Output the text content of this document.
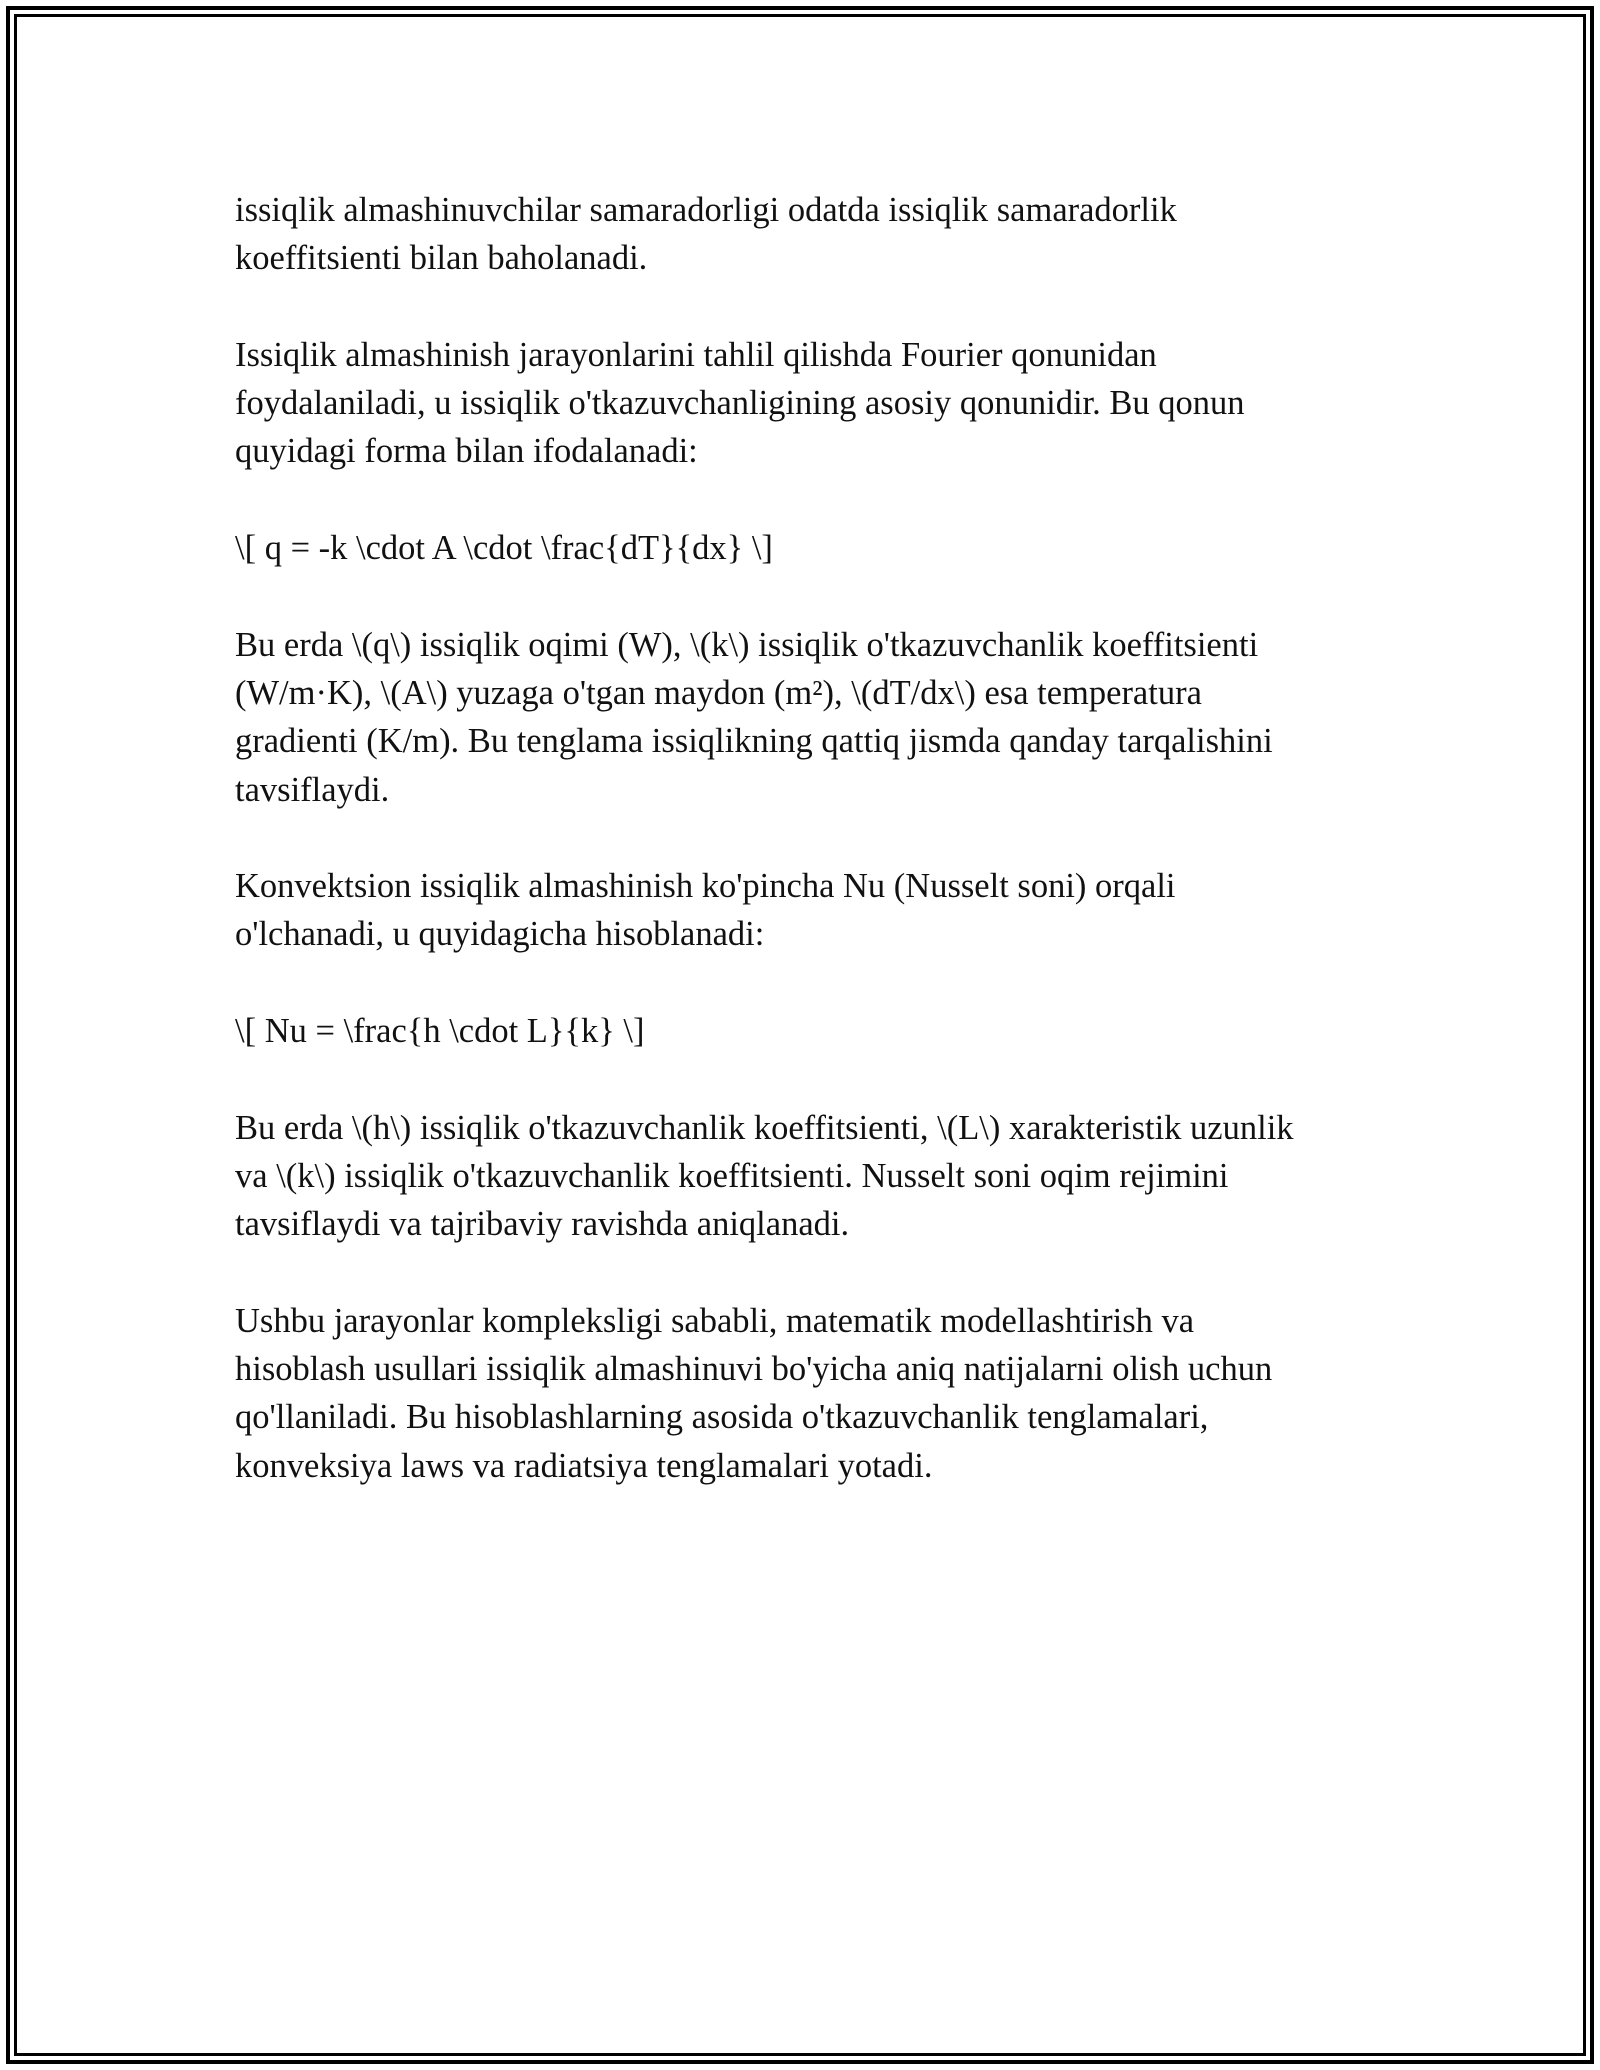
issiqlik almashinuvchilar samaradorligi odatda issiqlik samaradorlik
koeffitsienti bilan baholanadi.

Issiqlik almashinish jarayonlarini tahlil qilishda Fourier qonunidan
foydalaniladi, u issiqlik o'tkazuvchanligining asosiy qonunidir. Bu qonun
quyidagi forma bilan ifodalanadi:

\[ q = -k \cdot A \cdot \frac{dT}{dx} \]

Bu erda \(q\) issiqlik oqimi (W), \(k\) issiqlik o'tkazuvchanlik koeffitsienti
(W/m·K), \(A\) yuzaga o'tgan maydon (m²), \(dT/dx\) esa temperatura
gradienti (K/m). Bu tenglama issiqlikning qattiq jismda qanday tarqalishini
tavsiflaydi.

Konvektsion issiqlik almashinish ko'pincha Nu (Nusselt soni) orqali
o'lchanadi, u quyidagicha hisoblanadi:

\[ Nu = \frac{h \cdot L}{k} \]

Bu erda \(h\) issiqlik o'tkazuvchanlik koeffitsienti, \(L\) xarakteristik uzunlik
va \(k\) issiqlik o'tkazuvchanlik koeffitsienti. Nusselt soni oqim rejimini
tavsiflaydi va tajribaviy ravishda aniqlanadi.

Ushbu jarayonlar kompleksligi sababli, matematik modellashtirish va
hisoblash usullari issiqlik almashinuvi bo'yicha aniq natijalarni olish uchun
qo'llaniladi. Bu hisoblashlarning asosida o'tkazuvchanlik tenglamalari,
konveksiya laws va radiatsiya tenglamalari yotadi.
